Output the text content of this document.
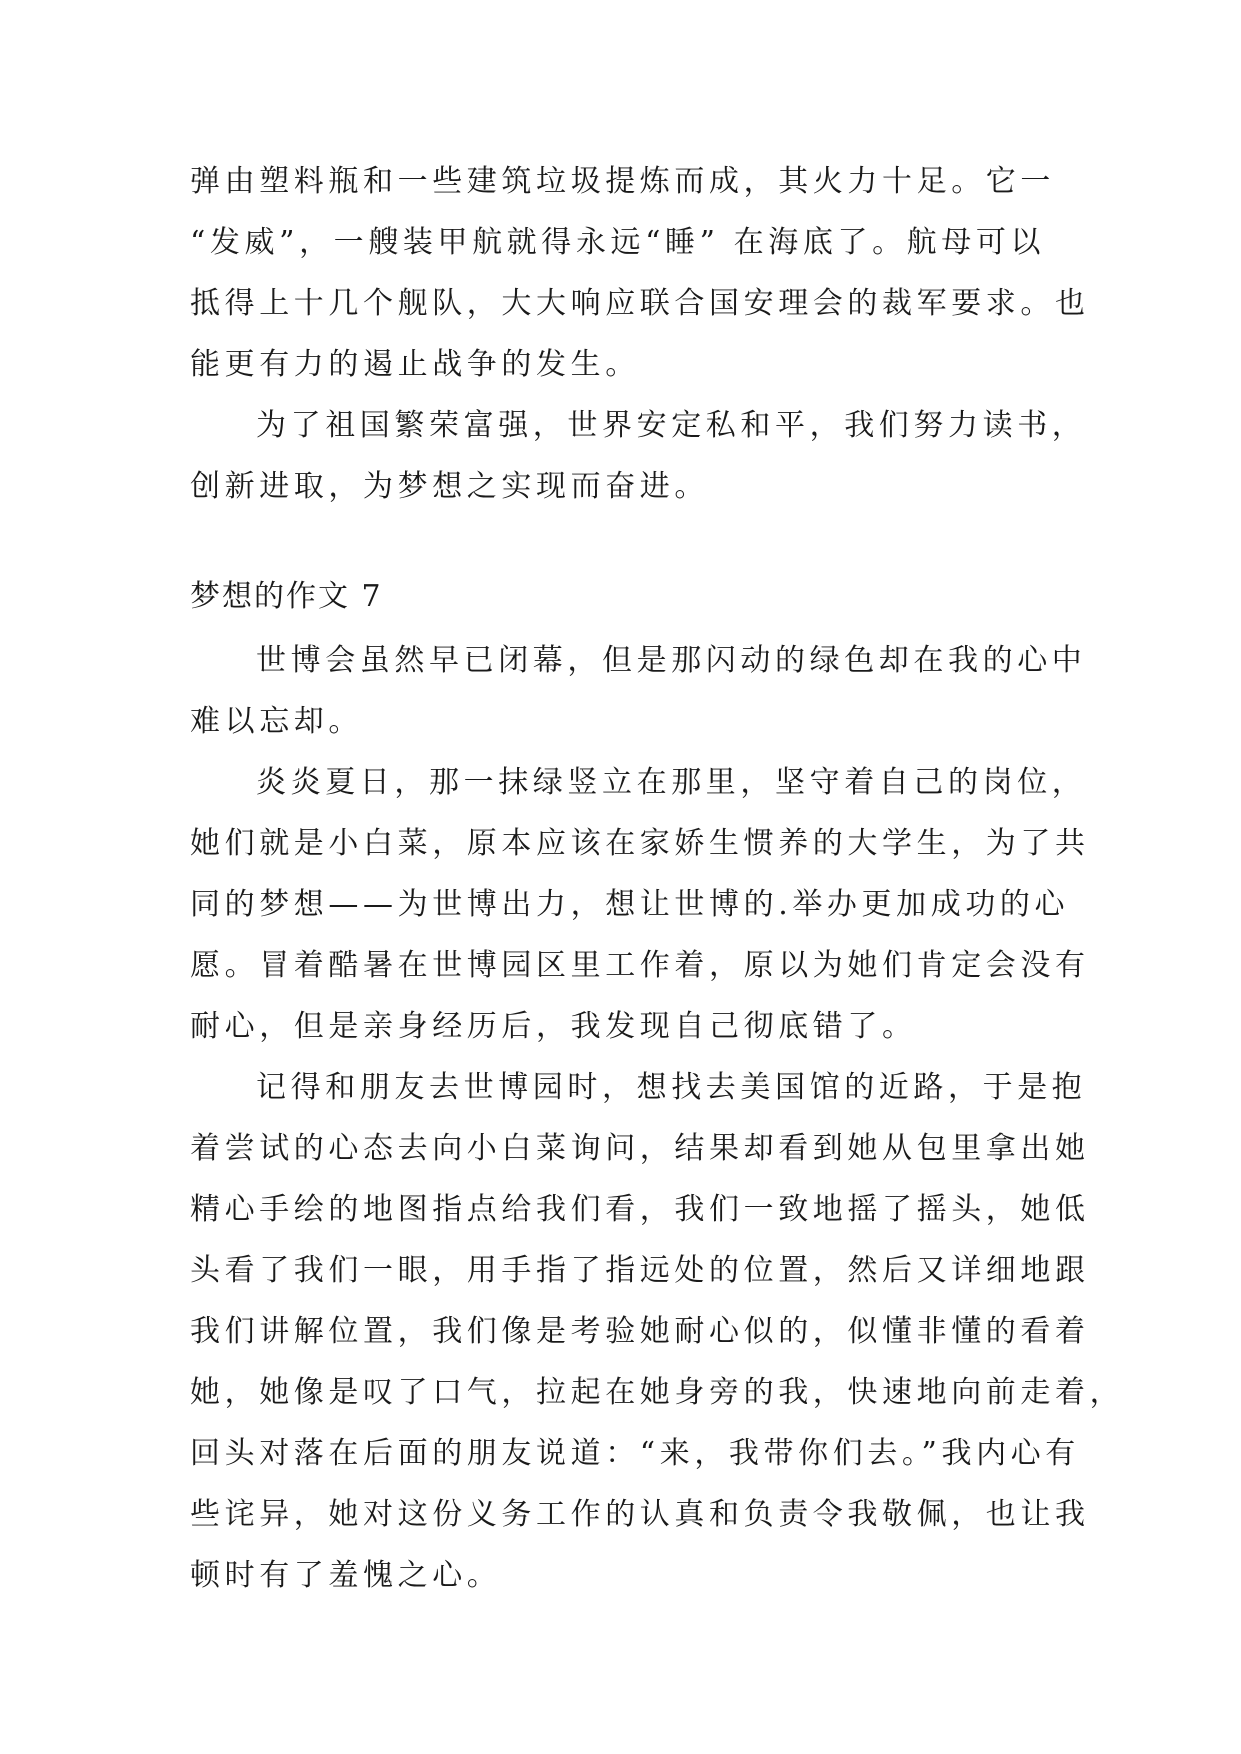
弹由塑料瓶和一些建筑垃圾提炼而成，其火力十足。它一
“发威”，一艘装甲航就得永远“睡” 在海底了。航母可以
抵得上十几个舰队，大大响应联合国安理会的裁军要求。也
能更有力的遏止战争的发生。
为了祖国繁荣富强，世界安定私和平，我们努力读书，
创新进取，为梦想之实现而奋进。
梦想的作文 7
世博会虽然早已闭幕，但是那闪动的绿色却在我的心中
难以忘却。
炎炎夏日，那一抹绿竖立在那里，坚守着自己的岗位，
她们就是小白菜，原本应该在家娇生惯养的大学生，为了共
同的梦想——为世博出力，想让世博的.举办更加成功的心
愿。冒着酷暑在世博园区里工作着，原以为她们肯定会没有
耐心，但是亲身经历后，我发现自己彻底错了。
记得和朋友去世博园时，想找去美国馆的近路，于是抱
着尝试的心态去向小白菜询问，结果却看到她从包里拿出她
精心手绘的地图指点给我们看，我们一致地摇了摇头，她低
头看了我们一眼，用手指了指远处的位置，然后又详细地跟
我们讲解位置，我们像是考验她耐心似的，似懂非懂的看着
她，她像是叹了口气，拉起在她身旁的我，快速地向前走着，
回头对落在后面的朋友说道：“来，我带你们去。”我内心有
些诧异，她对这份义务工作的认真和负责令我敬佩，也让我
顿时有了羞愧之心。
